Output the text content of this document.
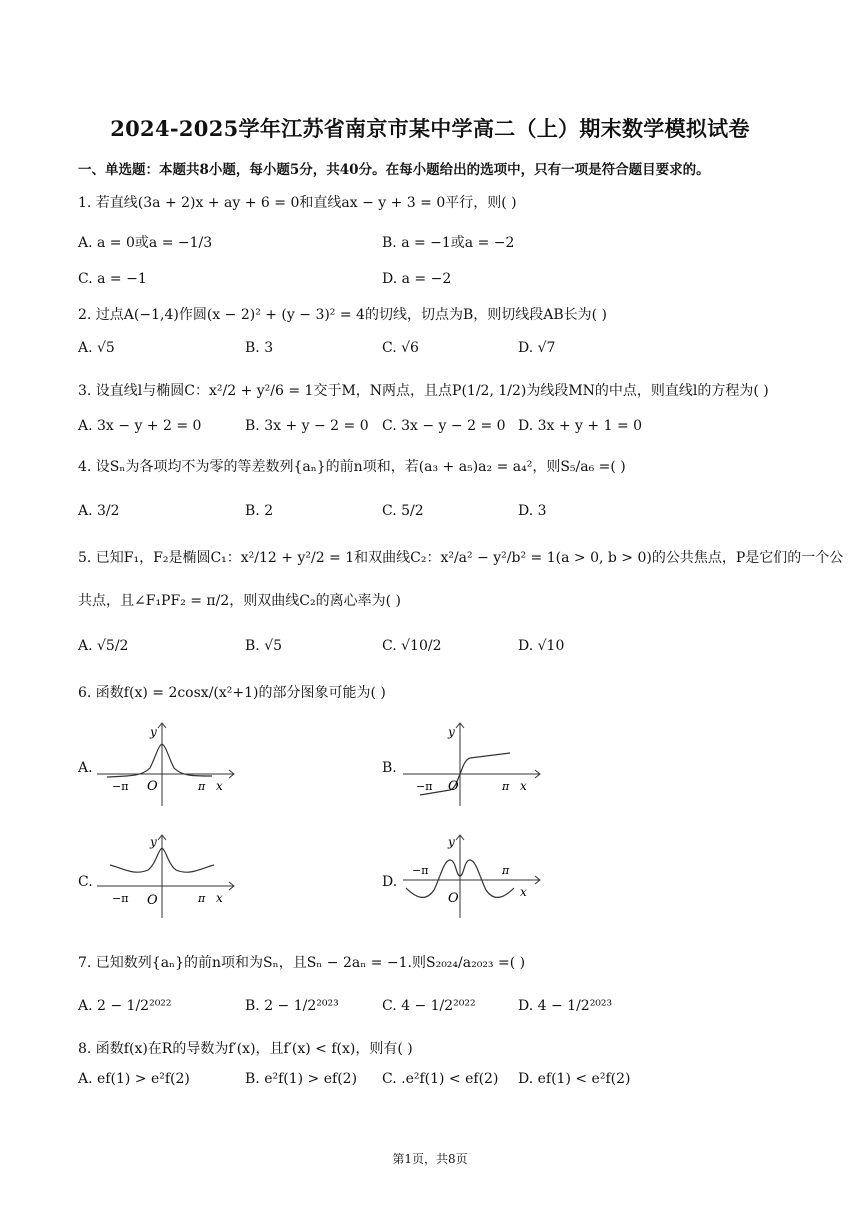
2024-2025学年江苏省南京市某中学高二（上）期末数学模拟试卷
一、单选题：本题共8小题，每小题5分，共40分。在每小题给出的选项中，只有一项是符合题目要求的。
1. 若直线(3a + 2)x + ay + 6 = 0和直线ax − y + 3 = 0平行，则( )
A. a = 0或a = −1/3	B. a = −1或a = −2
C. a = −1	D. a = −2
2. 过点A(−1,4)作圆(x − 2)² + (y − 3)² = 4的切线，切点为B，则切线段AB长为( )
A. √5	B. 3	C. √6	D. √7
3. 设直线l与椭圆C：x²/2 + y²/6 = 1交于M，N两点，且点P(1/2, 1/2)为线段MN的中点，则直线l的方程为( )
A. 3x − y + 2 = 0	B. 3x + y − 2 = 0 C. 3x − y − 2 = 0 D. 3x + y + 1 = 0
4. 设Sₙ为各项均不为零的等差数列{aₙ}的前n项和，若(a₃ + a₅)a₂ = a₄²，则S₅/a₆ =( )
A. 3/2	B. 2	C. 5/2	D. 3
5. 已知F₁，F₂是椭圆C₁：x²/12 + y²/2 = 1和双曲线C₂：x²/a² − y²/b² = 1(a > 0, b > 0)的公共焦点，P是它们的一个公
共点，且∠F₁PF₂ = π/2，则双曲线C₂的离心率为( )
A. √5/2	B. √5	C. √10/2	D. √10
6. 函数f(x) = 2cosx/(x²+1)的部分图象可能为( )
A.
y
−π O	π x
B.
y
−π O	π x
C.
y
−π O	π x
D.
y
−π
O
π
x
7. 已知数列{aₙ}的前n项和为Sₙ，且Sₙ − 2aₙ = −1.则S₂₀₂₄/a₂₀₂₃ =( )
A. 2 − 1/2²⁰²²	B. 2 − 1/2²⁰²³	C. 4 − 1/2²⁰²²	D. 4 − 1/2²⁰²³
8. 函数f(x)在R的导数为f′(x)，且f′(x) < f(x)，则有( )
A. ef(1) > e²f(2)	B. e²f(1) > ef(2) C. .e²f(1) < ef(2) D. ef(1) < e²f(2)
第1页，共8页
